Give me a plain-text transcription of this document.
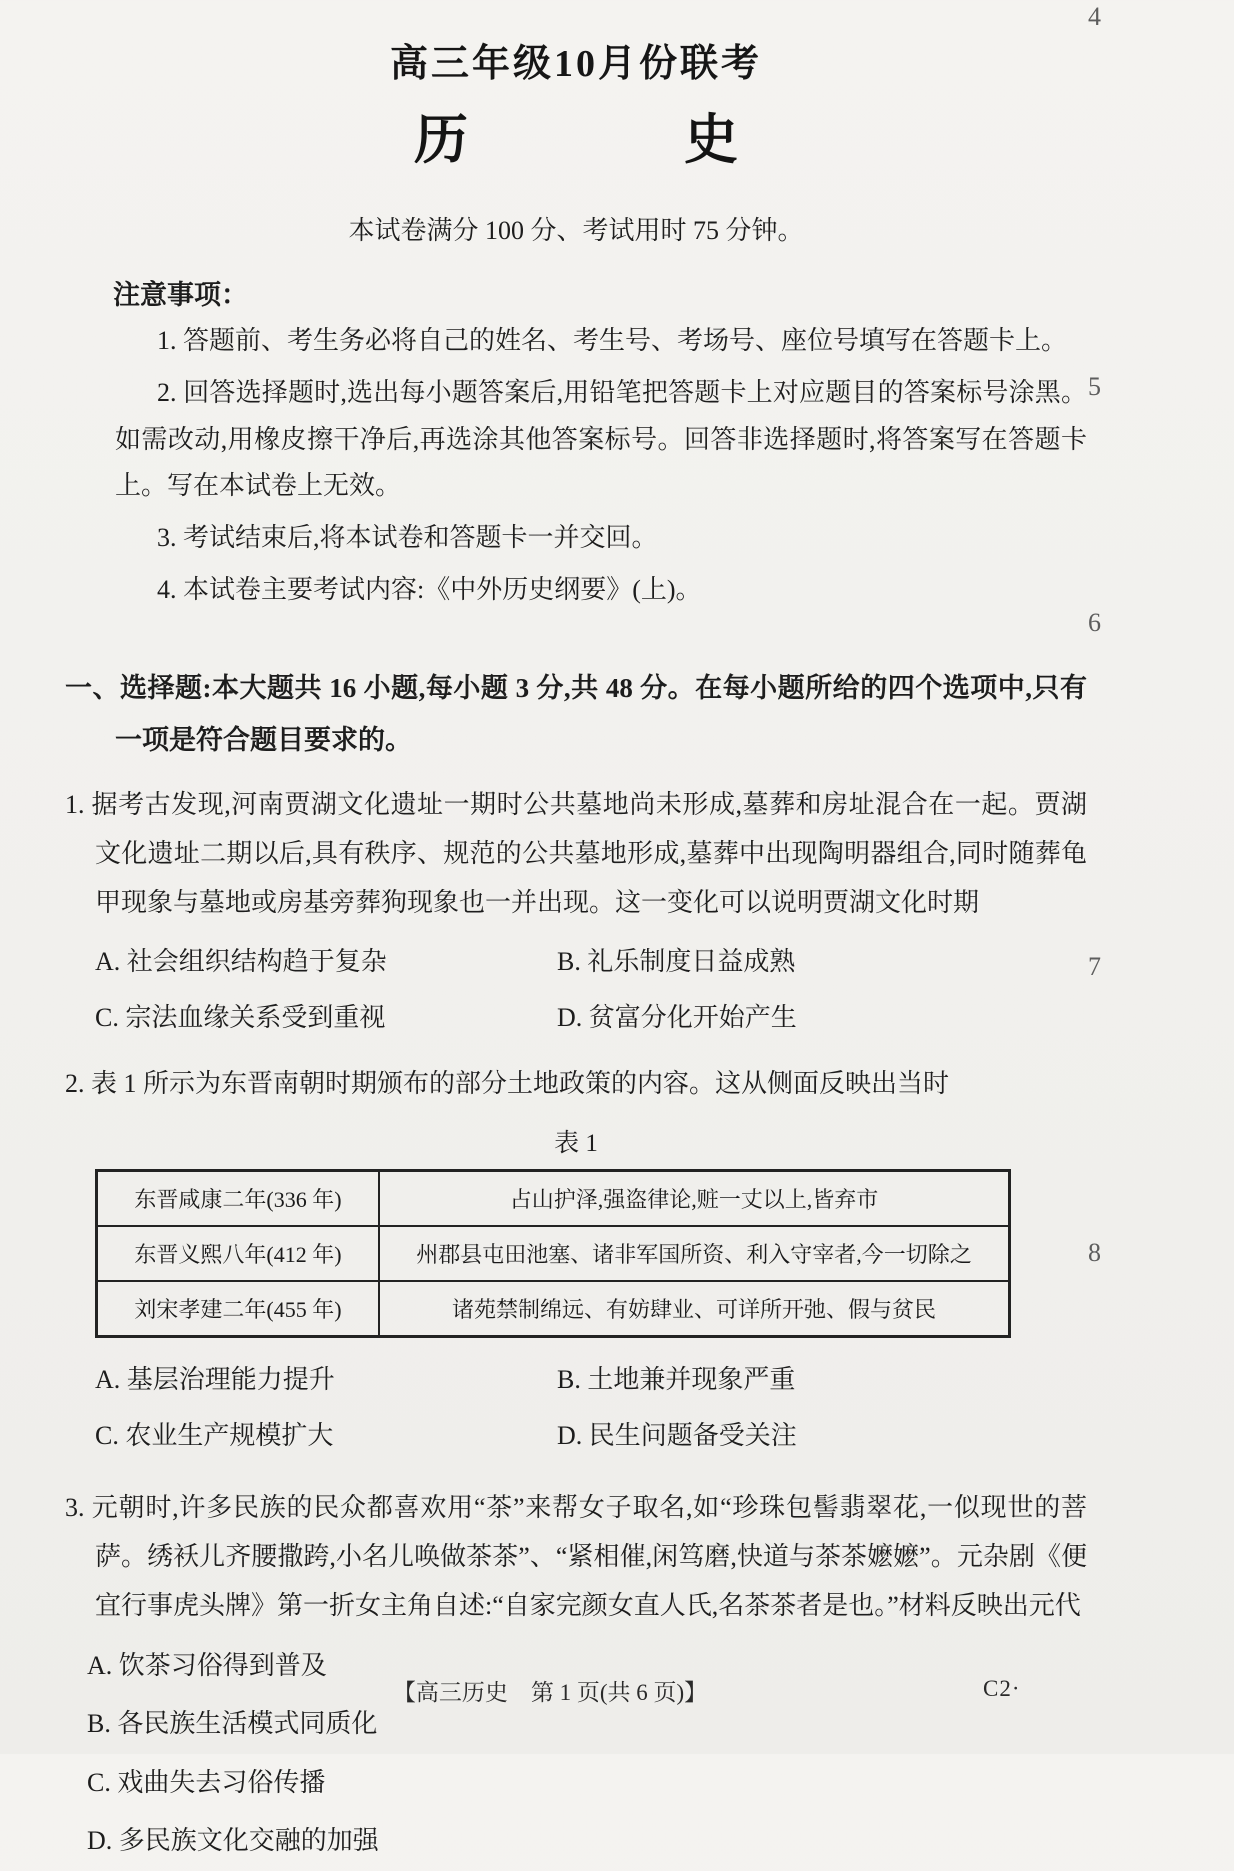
高三年级10月份联考
历　　　　史
本试卷满分 100 分、考试用时 75 分钟。
注意事项：

1. 答题前、考生务必将自己的姓名、考生号、考场号、座位号填写在答题卡上。

2. 回答选择题时,选出每小题答案后,用铅笔把答题卡上对应题目的答案标号涂黑。如需改动,用橡皮擦干净后,再选涂其他答案标号。回答非选择题时,将答案写在答题卡上。写在本试卷上无效。

3. 考试结束后,将本试卷和答题卡一并交回。

4. 本试卷主要考试内容:《中外历史纲要》(上)。

一、选择题:本大题共 16 小题,每小题 3 分,共 48 分。在每小题所给的四个选项中,只有一项是符合题目要求的。

1. 据考古发现,河南贾湖文化遗址一期时公共墓地尚未形成,墓葬和房址混合在一起。贾湖文化遗址二期以后,具有秩序、规范的公共墓地形成,墓葬中出现陶明器组合,同时随葬龟甲现象与墓地或房基旁葬狗现象也一并出现。这一变化可以说明贾湖文化时期

A. 社会组织结构趋于复杂	B. 礼乐制度日益成熟
C. 宗法血缘关系受到重视	D. 贫富分化开始产生

2. 表 1 所示为东晋南朝时期颁布的部分土地政策的内容。这从侧面反映出当时

表 1
东晋咸康二年(336 年)	占山护泽,强盗律论,赃一丈以上,皆弃市
东晋义熙八年(412 年)	州郡县屯田池塞、诸非军国所资、利入守宰者,今一切除之
刘宋孝建二年(455 年)	诸苑禁制绵远、有妨肆业、可详所开弛、假与贫民
A. 基层治理能力提升	B. 土地兼并现象严重
C. 农业生产规模扩大	D. 民生问题备受关注

3. 元朝时,许多民族的民众都喜欢用“茶”来帮女子取名,如“珍珠包髻翡翠花,一似现世的菩萨。绣袄儿齐腰撒跨,小名儿唤做茶茶”、“紧相催,闲笃磨,快道与茶茶嬷嬷”。元杂剧《便宜行事虎头牌》第一折女主角自述:“自家完颜女直人氏,名茶茶者是也。”材料反映出元代

A. 饮茶习俗得到普及
B. 各民族生活模式同质化
C. 戏曲失去习俗传播
D. 多民族文化交融的加强
4
5
6
7
8
【高三历史　第 1 页(共 6 页)】	C2·
